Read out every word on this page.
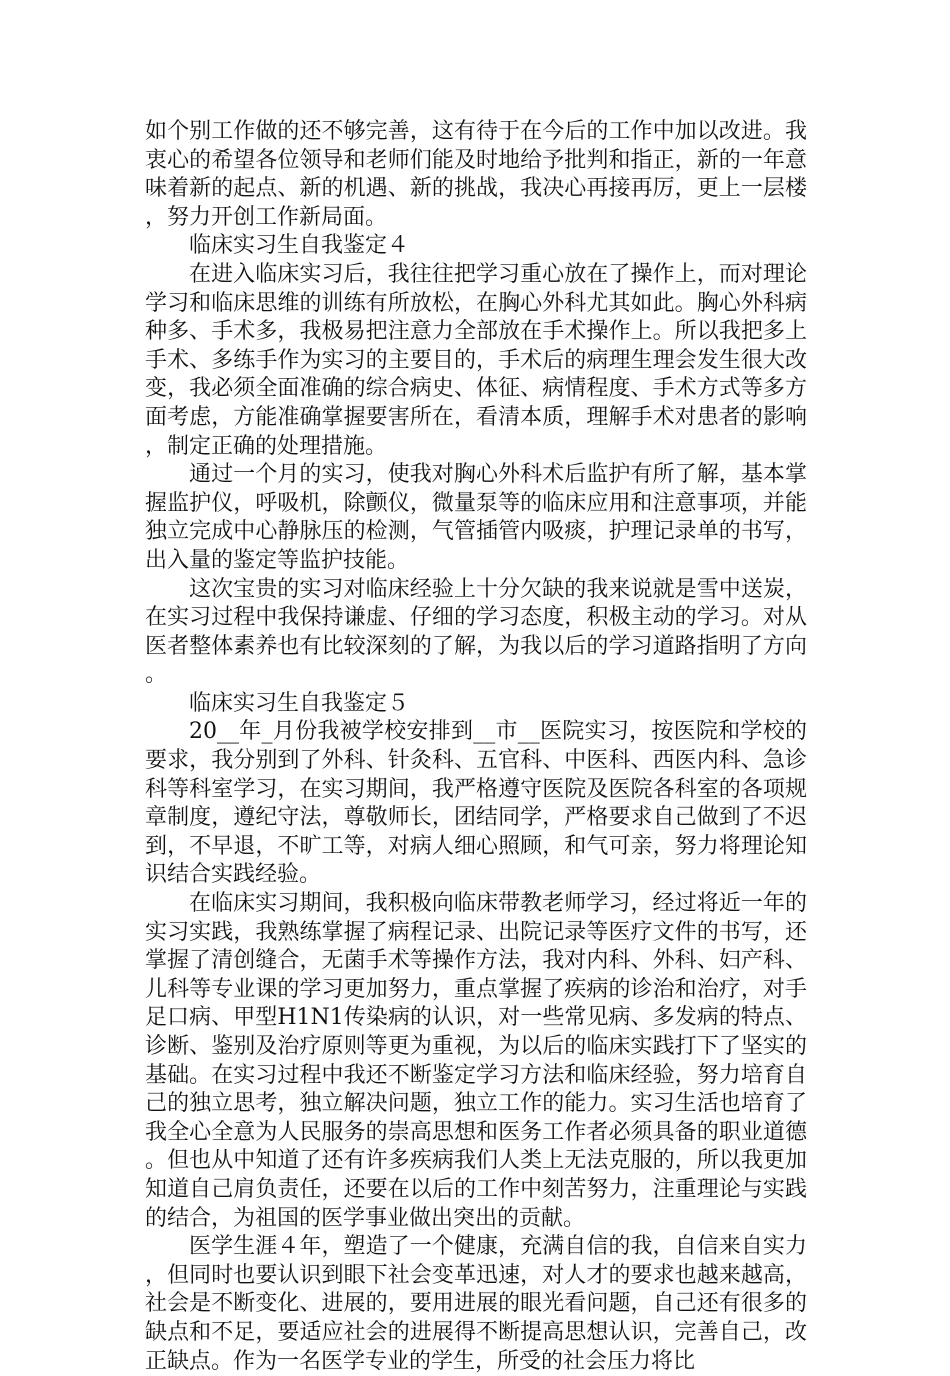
如个别工作做的还不够完善，这有待于在今后的工作中加以改进。我衷心的希望各位领导和老师们能及时地给予批判和指正，新的一年意味着新的起点、新的机遇、新的挑战，我决心再接再厉，更上一层楼，努力开创工作新局面。

临床实习生自我鉴定４

在进入临床实习后，我往往把学习重心放在了操作上，而对理论学习和临床思维的训练有所放松，在胸心外科尤其如此。胸心外科病种多、手术多，我极易把注意力全部放在手术操作上。所以我把多上手术、多练手作为实习的主要目的，手术后的病理生理会发生很大改变，我必须全面准确的综合病史、体征、病情程度、手术方式等多方面考虑，方能准确掌握要害所在，看清本质，理解手术对患者的影响，制定正确的处理措施。

通过一个月的实习，使我对胸心外科术后监护有所了解，基本掌握监护仪，呼吸机，除颤仪，微量泵等的临床应用和注意事项，并能独立完成中心静脉压的检测，气管插管内吸痰，护理记录单的书写，出入量的鉴定等监护技能。

这次宝贵的实习对临床经验上十分欠缺的我来说就是雪中送炭，在实习过程中我保持谦虚、仔细的学习态度，积极主动的学习。对从医者整体素养也有比较深刻的了解，为我以后的学习道路指明了方向。

临床实习生自我鉴定５

20__年_月份我被学校安排到__市__医院实习，按医院和学校的要求，我分别到了外科、针灸科、五官科、中医科、西医内科、急诊科等科室学习，在实习期间，我严格遵守医院及医院各科室的各项规章制度，遵纪守法，尊敬师长，团结同学，严格要求自己做到了不迟到，不早退，不旷工等，对病人细心照顾，和气可亲，努力将理论知识结合实践经验。

在临床实习期间，我积极向临床带教老师学习，经过将近一年的实习实践，我熟练掌握了病程记录、出院记录等医疗文件的书写，还掌握了清创缝合，无菌手术等操作方法，我对内科、外科、妇产科、儿科等专业课的学习更加努力，重点掌握了疾病的诊治和治疗，对手足口病、甲型H1N1传染病的认识，对一些常见病、多发病的特点、诊断、鉴别及治疗原则等更为重视，为以后的临床实践打下了坚实的基础。在实习过程中我还不断鉴定学习方法和临床经验，努力培育自己的独立思考，独立解决问题，独立工作的能力。实习生活也培育了我全心全意为人民服务的崇高思想和医务工作者必须具备的职业道德。但也从中知道了还有许多疾病我们人类上无法克服的，所以我更加知道自己肩负责任，还要在以后的工作中刻苦努力，注重理论与实践的结合，为祖国的医学事业做出突出的贡献。

医学生涯４年，塑造了一个健康，充满自信的我，自信来自实力，但同时也要认识到眼下社会变革迅速，对人才的要求也越来越高，社会是不断变化、进展的，要用进展的眼光看问题，自己还有很多的缺点和不足，要适应社会的进展得不断提高思想认识，完善自己，改正缺点。作为一名医学专业的学生，所受的社会压力将比
